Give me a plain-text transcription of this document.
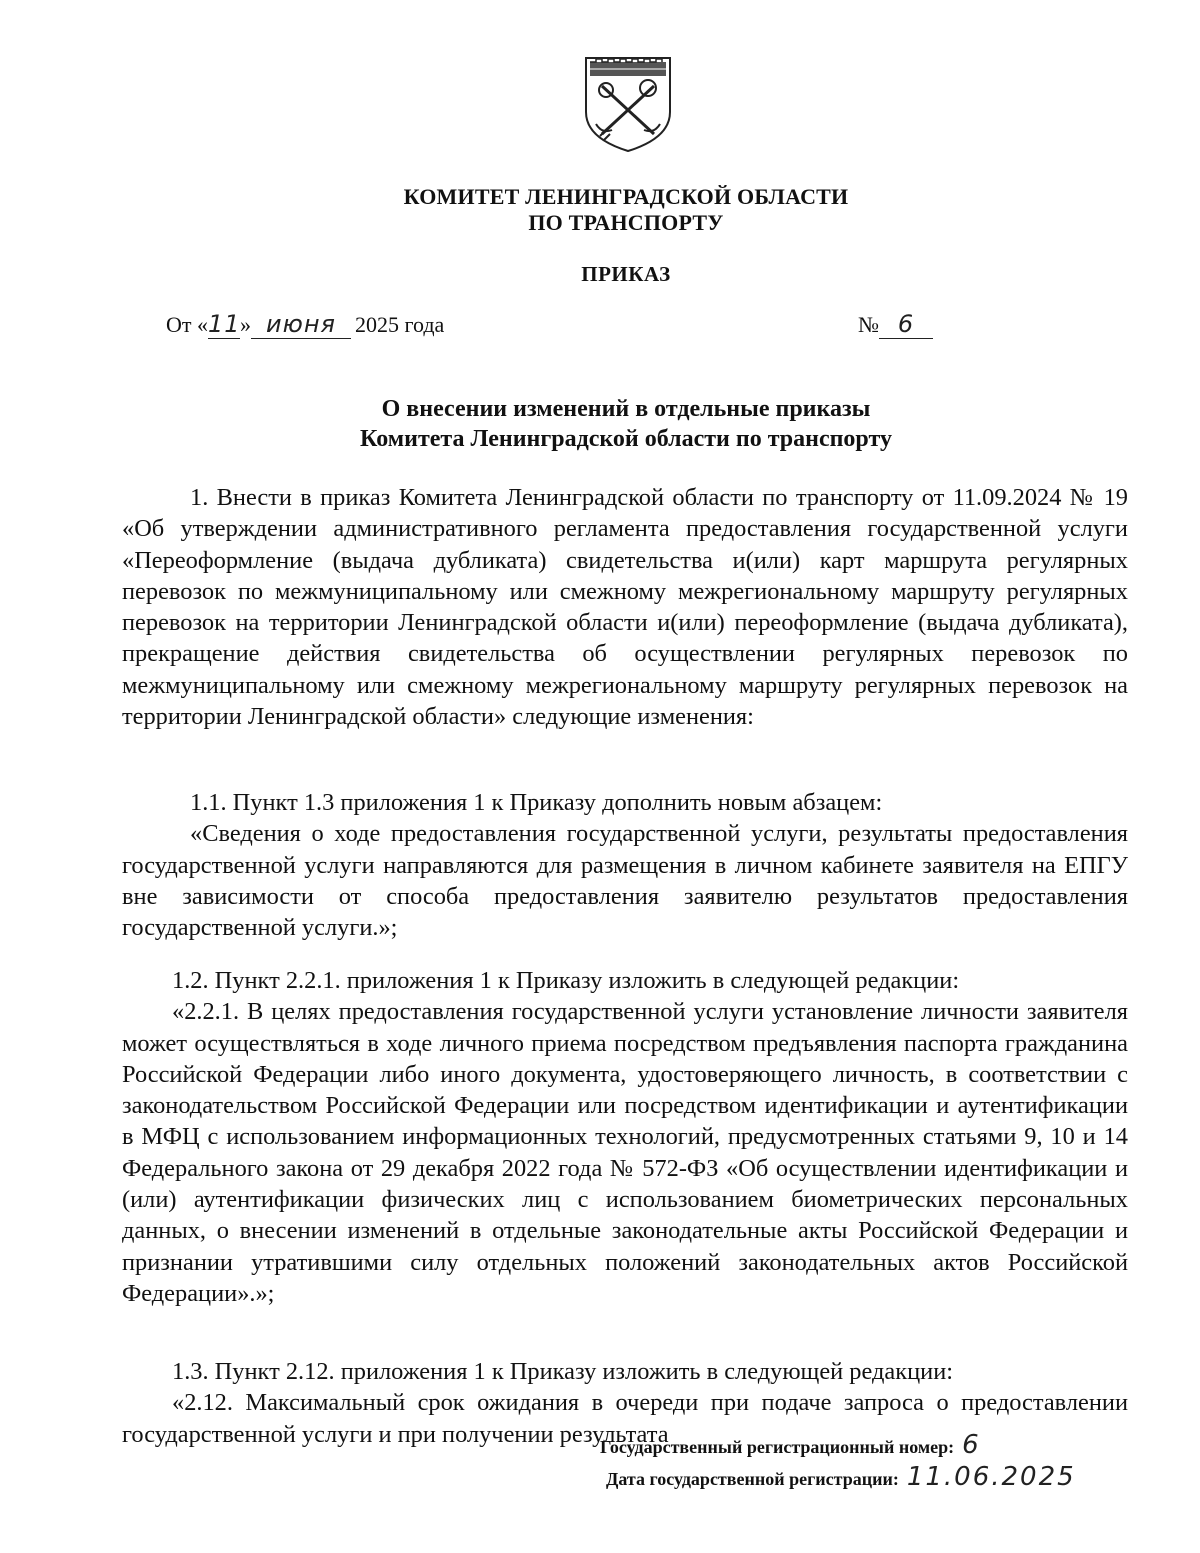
КОМИТЕТ ЛЕНИНГРАДСКОЙ ОБЛАСТИ
ПО ТРАНСПОРТУ
ПРИКАЗ
От «11» июня 2025 года	№ 6
О внесении изменений в отдельные приказы
Комитета Ленинградской области по транспорту
1. Внести в приказ Комитета Ленинградской области по транспорту от 11.09.2024 № 19 «Об утверждении административного регламента предоставления государственной услуги «Переоформление (выдача дубликата) свидетельства и(или) карт маршрута регулярных перевозок по межмуниципальному или смежному межрегиональному маршруту регулярных перевозок на территории Ленинградской области и(или) переоформление (выдача дубликата), прекращение действия свидетельства об осуществлении регулярных перевозок по межмуниципальному или смежному межрегиональному маршруту регулярных перевозок на территории Ленинградской области» следующие изменения:
1.1. Пункт 1.3 приложения 1 к Приказу дополнить новым абзацем:
«Сведения о ходе предоставления государственной услуги, результаты предоставления государственной услуги направляются для размещения в личном кабинете заявителя на ЕПГУ вне зависимости от способа предоставления заявителю результатов предоставления государственной услуги.»;
1.2. Пункт 2.2.1. приложения 1 к Приказу изложить в следующей редакции:
«2.2.1. В целях предоставления государственной услуги установление личности заявителя может осуществляться в ходе личного приема посредством предъявления паспорта гражданина Российской Федерации либо иного документа, удостоверяющего личность, в соответствии с законодательством Российской Федерации или посредством идентификации и аутентификации в МФЦ с использованием информационных технологий, предусмотренных статьями 9, 10 и 14 Федерального закона от 29 декабря 2022 года № 572-ФЗ «Об осуществлении идентификации и (или) аутентификации физических лиц с использованием биометрических персональных данных, о внесении изменений в отдельные законодательные акты Российской Федерации и признании утратившими силу отдельных положений законодательных актов Российской Федерации».»;
1.3. Пункт 2.12. приложения 1 к Приказу изложить в следующей редакции:
«2.12. Максимальный срок ожидания в очереди при подаче запроса о предоставлении государственной услуги и при получении результата
Государственный регистрационный номер: 6
Дата государственной регистрации: 11.06.2025
